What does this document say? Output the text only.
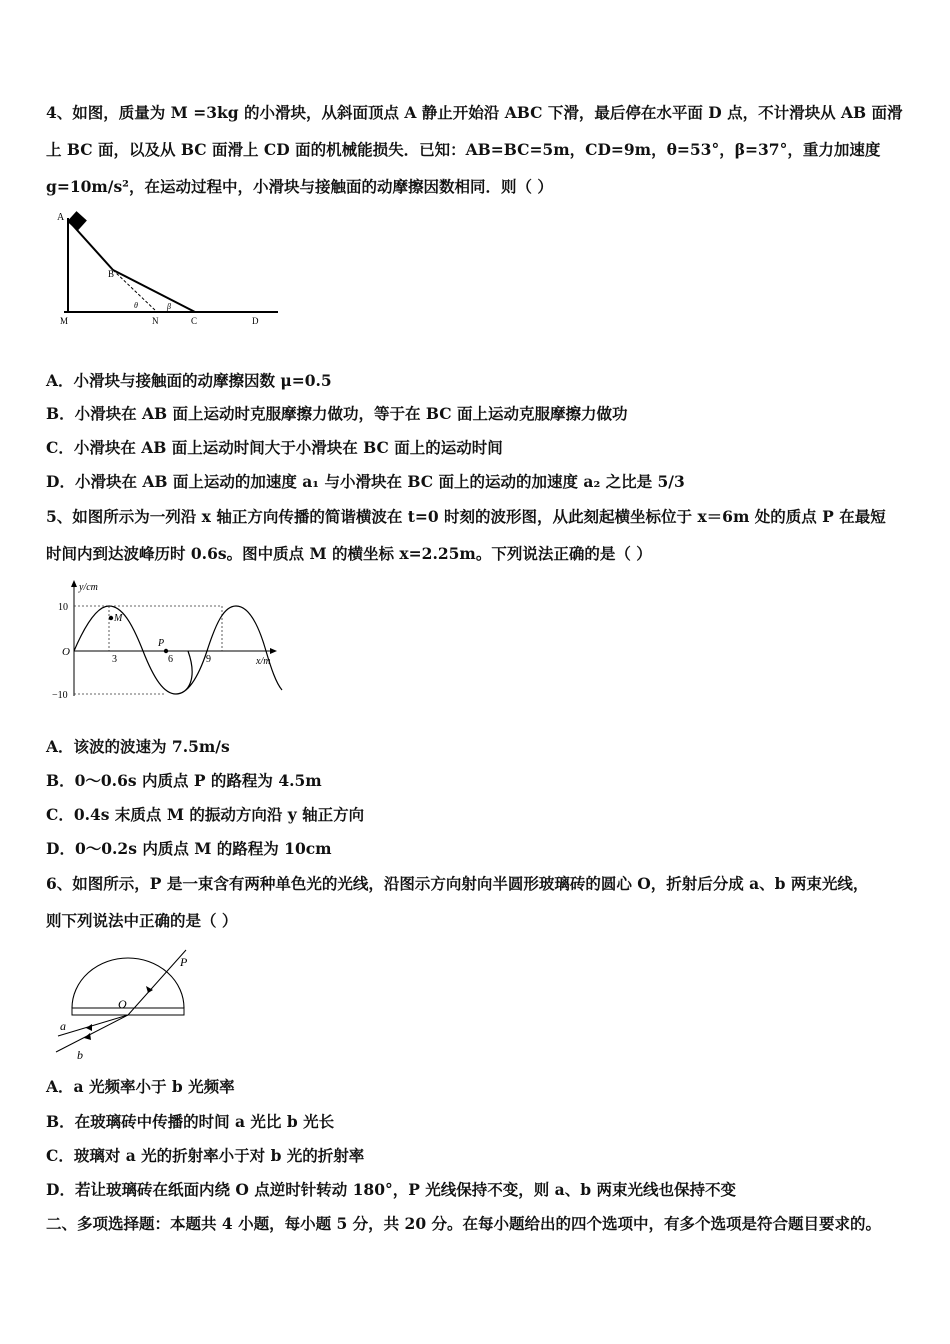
4、如图，质量为 M =3kg 的小滑块，从斜面顶点 A 静止开始沿 ABC 下滑，最后停在水平面 D 点，不计滑块从 AB 面滑
上 BC 面，以及从 BC 面滑上 CD 面的机械能损失．已知：AB=BC=5m，CD=9m，θ=53°，β=37°，重力加速度
g=10m/s²，在运动过程中，小滑块与接触面的动摩擦因数相同．则（ ）
A
B
M	N	C	D
θ	β
A．小滑块与接触面的动摩擦因数 μ=0.5
B．小滑块在 AB 面上运动时克服摩擦力做功，等于在 BC 面上运动克服摩擦力做功
C．小滑块在 AB 面上运动时间大于小滑块在 BC 面上的运动时间
D．小滑块在 AB 面上运动的加速度 a₁ 与小滑块在 BC 面上的运动的加速度 a₂ 之比是 5/3
5、如图所示为一列沿 x 轴正方向传播的简谐横波在 t=0 时刻的波形图，从此刻起横坐标位于 x＝6m 处的质点 P 在最短
时间内到达波峰历时 0.6s。图中质点 M 的横坐标 x=2.25m。下列说法正确的是（ ）
y/cm
x/m
O
10
−10
3	6	9
M
P
A．该波的波速为 7.5m/s
B．0～0.6s 内质点 P 的路程为 4.5m
C．0.4s 末质点 M 的振动方向沿 y 轴正方向
D．0～0.2s 内质点 M 的路程为 10cm
6、如图所示，P 是一束含有两种单色光的光线，沿图示方向射向半圆形玻璃砖的圆心 O，折射后分成 a、b 两束光线，
则下列说法中正确的是（ ）
P
O
a
b
A．a 光频率小于 b 光频率
B．在玻璃砖中传播的时间 a 光比 b 光长
C．玻璃对 a 光的折射率小于对 b 光的折射率
D．若让玻璃砖在纸面内绕 O 点逆时针转动 180°，P 光线保持不变，则 a、b 两束光线也保持不变
二、多项选择题：本题共 4 小题，每小题 5 分，共 20 分。在每小题给出的四个选项中，有多个选项是符合题目要求的。
